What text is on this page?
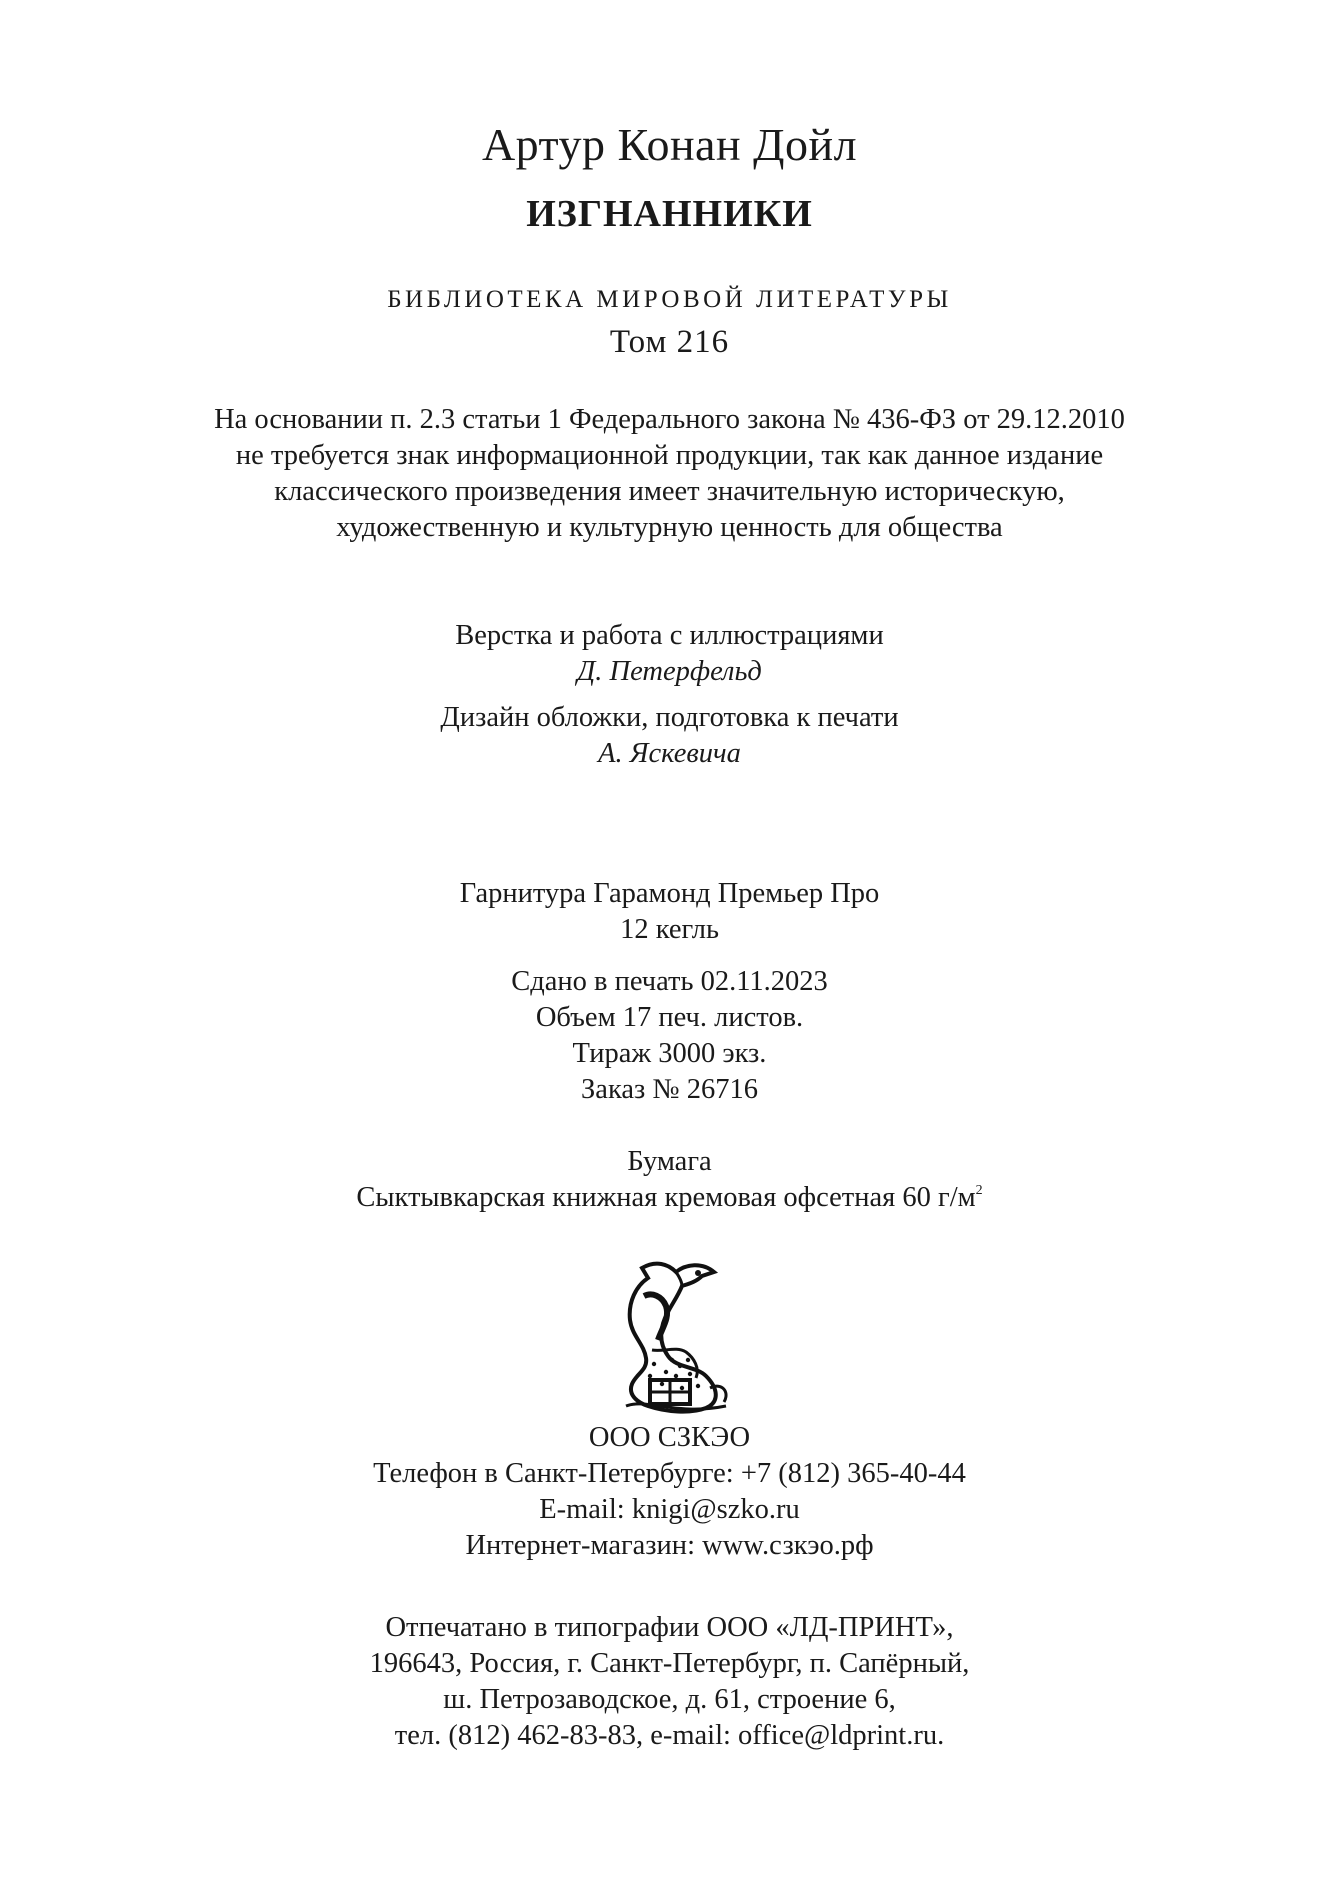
Артур Конан Дойл
ИЗГНАННИКИ
БИБЛИОТЕКА МИРОВОЙ ЛИТЕРАТУРЫ
Том 216
На основании п. 2.3 статьи 1 Федерального закона № 436-ФЗ от 29.12.2010
не требуется знак информационной продукции, так как данное издание
классического произведения имеет значительную историческую,
художественную и культурную ценность для общества
Верстка и работа с иллюстрациями
Д. Петерфельд
Дизайн обложки, подготовка к печати
А. Яскевича
Гарнитура Гарамонд Премьер Про
12 кегль
Сдано в печать 02.11.2023
Объем 17 печ. листов.
Тираж 3000 экз.
Заказ № 26716
Бумага
Сыктывкарская книжная кремовая офсетная 60 $г/м^2$
ООО СЗКЭО
Телефон в Санкт-Петербурге: +7 (812) 365-40-44
E-mail: knigi@szko.ru
Интернет-магазин: www.сзкэо.рф
Отпечатано в типографии ООО «ЛД-ПРИНТ»,
196643, Россия, г. Санкт-Петербург, п. Сапёрный,
ш. Петрозаводское, д. 61, строение 6,
тел. (812) 462-83-83, e-mail: office@ldprint.ru.
